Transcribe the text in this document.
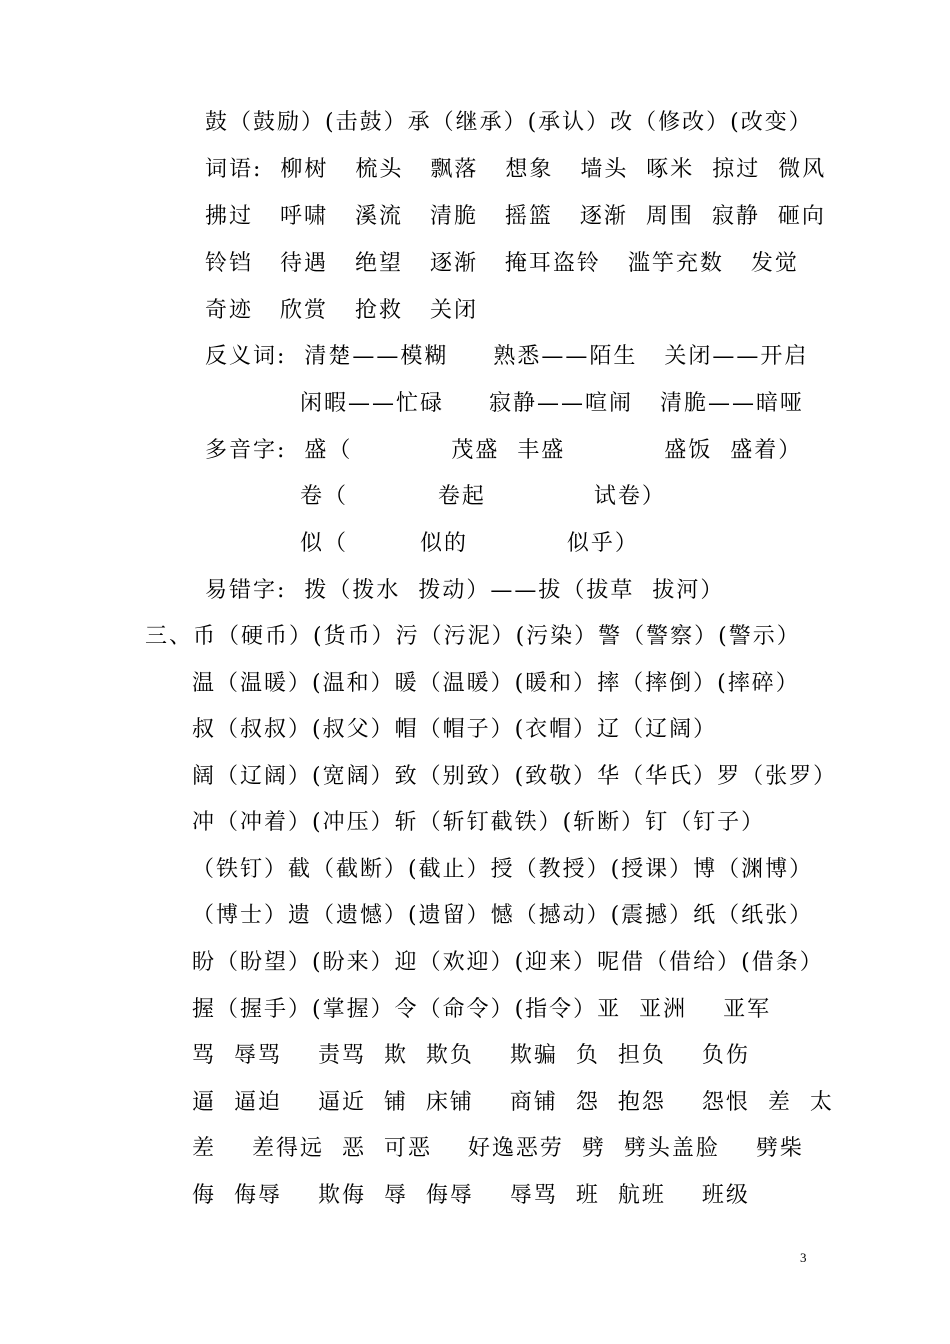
鼓（鼓励）(击鼓）承（继承）(承认）改（修改）(改变）
词语:  柳树   梳头   飘落   想象   墙头  啄米  掠过  微风
拂过   呼啸   溪流   清脆   摇篮   逐渐  周围  寂静  砸向
铃铛   待遇   绝望   逐渐   掩耳盗铃   滥竽充数   发觉
奇迹   欣赏   抢救   关闭
反义词:  清楚——模糊     熟悉——陌生   关闭——开启
闲暇——忙碌     寂静——喧闹   清脆——暗哑
多音字:  盛（           茂盛  丰盛           盛饭  盛着）
卷（          卷起            试卷）
似（        似的           似乎）
易错字:  拨（拨水  拨动）——拔（拔草  拔河）
三、币（硬币）(货币）污（污泥）(污染）警（警察）(警示）
温（温暖）(温和）暖（温暖）(暖和）摔（摔倒）(摔碎）
叔（叔叔）(叔父）帽（帽子）(衣帽）辽（辽阔）
阔（辽阔）(宽阔）致（别致）(致敬）华（华氏）罗（张罗）
冲（冲着）(冲压）斩（斩钉截铁）(斩断）钉（钉子）
（铁钉）截（截断）(截止）授（教授）(授课）博（渊博）
（博士）遗（遗憾）(遗留）憾（撼动）(震撼）纸（纸张）
盼（盼望）(盼来）迎（欢迎）(迎来）呢借（借给）(借条）
握（握手）(掌握）令（命令）(指令）亚  亚洲    亚军
骂  辱骂    责骂  欺  欺负    欺骗  负  担负    负伤
逼  逼迫    逼近  铺  床铺    商铺  怨  抱怨    怨恨  差  太
差    差得远  恶  可恶    好逸恶劳  劈  劈头盖脸    劈柴
侮  侮辱    欺侮  辱  侮辱    辱骂  班  航班    班级
3
